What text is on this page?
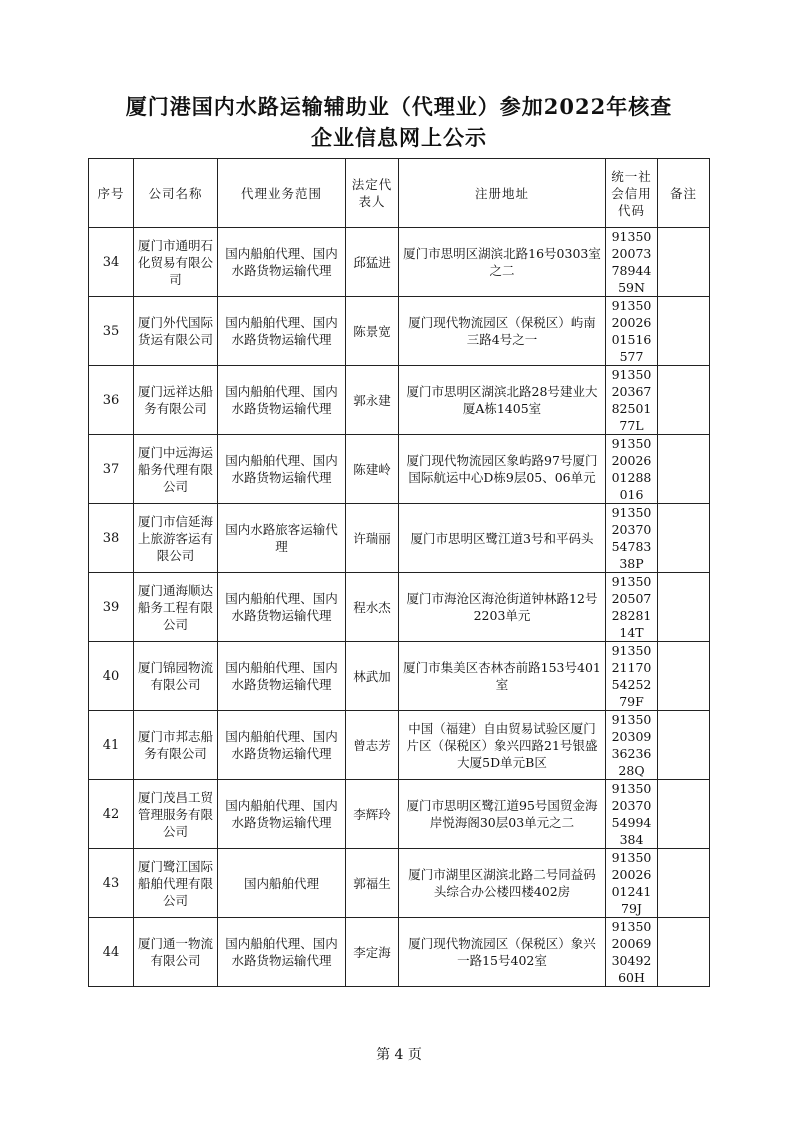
厦门港国内水路运输辅助业（代理业）参加2022年核查
企业信息网上公示
序号	公司名称	代理业务范围	法定代表人	注册地址	统一社会信用代码	备注
34	厦门市通明石化贸易有限公司	国内船舶代理、国内水路货物运输代理	邱猛进	厦门市思明区湖滨北路16号0303室之二	913502007378944 59N	
35	厦门外代国际货运有限公司	国内船舶代理、国内水路货物运输代理	陈景宽	厦门现代物流园区（保税区）屿南三路4号之一	913502002601516577	
36	厦门远祥达船务有限公司	国内船舶代理、国内水路货物运输代理	郭永建	厦门市思明区湖滨北路28号建业大厦A栋1405室	91350203678250177L	
37	厦门中远海运船务代理有限公司	国内船舶代理、国内水路货物运输代理	陈建岭	厦门现代物流园区象屿路97号厦门国际航运中心D栋9层05、06单元	913502002601288016	
38	厦门市信延海上旅游客运有限公司	国内水路旅客运输代理	许瑞丽	厦门市思明区鹭江道3号和平码头	91350203705478338P	
39	厦门通海顺达船务工程有限公司	国内船舶代理、国内水路货物运输代理	程水杰	厦门市海沧区海沧街道钟林路12号2203单元	91350205072828114T	
40	厦门锦园物流有限公司	国内船舶代理、国内水路货物运输代理	林武加	厦门市集美区杏林杏前路153号401室	91350211705425279F	
41	厦门市邦志船务有限公司	国内船舶代理、国内水路货物运输代理	曾志芳	中国（福建）自由贸易试验区厦门片区（保税区）象兴四路21号银盛大厦5D单元B区	91350203093623628Q	
42	厦门茂昌工贸管理服务有限公司	国内船舶代理、国内水路货物运输代理	李辉玲	厦门市思明区鹭江道95号国贸金海岸悦海阁30层03单元之二	913502037054994384	
43	厦门鹭江国际船舶代理有限公司	国内船舶代理	郭福生	厦门市湖里区湖滨北路二号同益码头综合办公楼四楼402房	91350200260124179J	
44	厦门通一物流有限公司	国内船舶代理、国内水路货物运输代理	李定海	厦门现代物流园区（保税区）象兴一路15号402室	91350200693049260H	
第 4 页
